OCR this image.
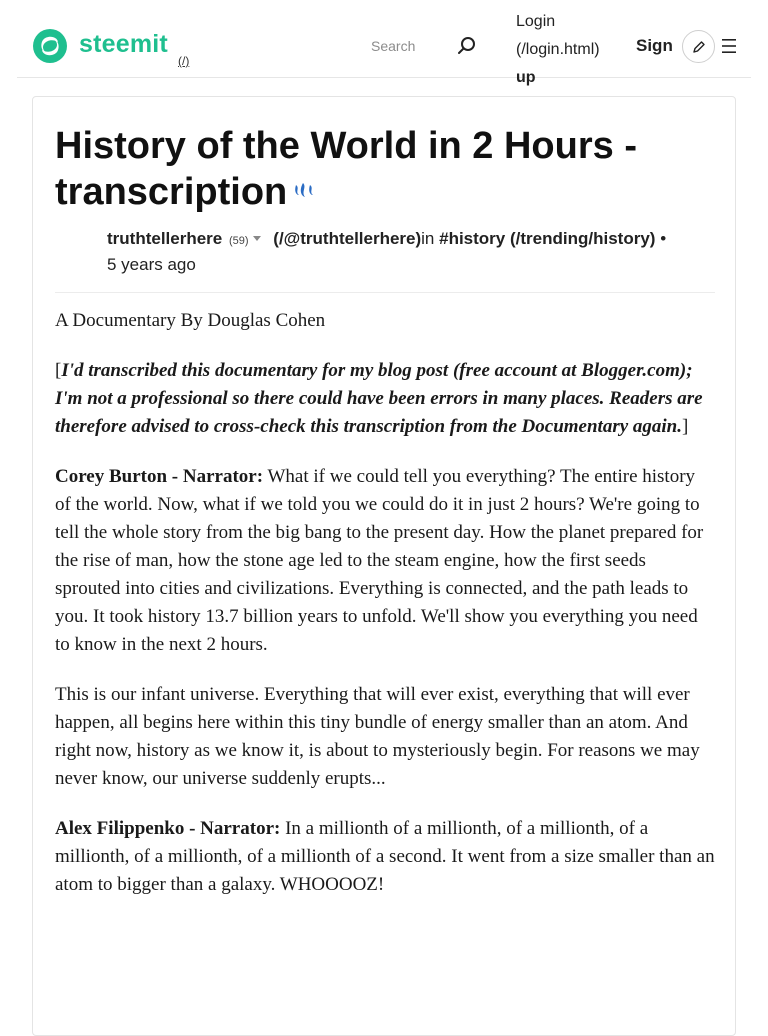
steemit
(/)
Search
Login
(/login.html)
up
Sign
History of the World in 2 Hours - transcription
truthtellerhere (59) (/@truthtellerhere)in #history (/trending/history) •
5 years ago

A Documentary By Douglas Cohen

[I'd transcribed this documentary for my blog post (free account at Blogger.com); I'm not a professional so there could have been errors in many places. Readers are therefore advised to cross-check this transcription from the Documentary again.]

Corey Burton - Narrator: What if we could tell you everything? The entire history of the world. Now, what if we told you we could do it in just 2 hours? We're going to tell the whole story from the big bang to the present day. How the planet prepared for the rise of man, how the stone age led to the steam engine, how the first seeds sprouted into cities and civilizations. Everything is connected, and the path leads to you. It took history 13.7 billion years to unfold. We'll show you everything you need to know in the next 2 hours.

This is our infant universe. Everything that will ever exist, everything that will ever happen, all begins here within this tiny bundle of energy smaller than an atom. And right now, history as we know it, is about to mysteriously begin. For reasons we may never know, our universe suddenly erupts...

Alex Filippenko - Narrator: In a millionth of a millionth, of a millionth, of a millionth, of a millionth, of a millionth of a second. It went from a size smaller than an atom to bigger than a galaxy. WHOOOOZ!
